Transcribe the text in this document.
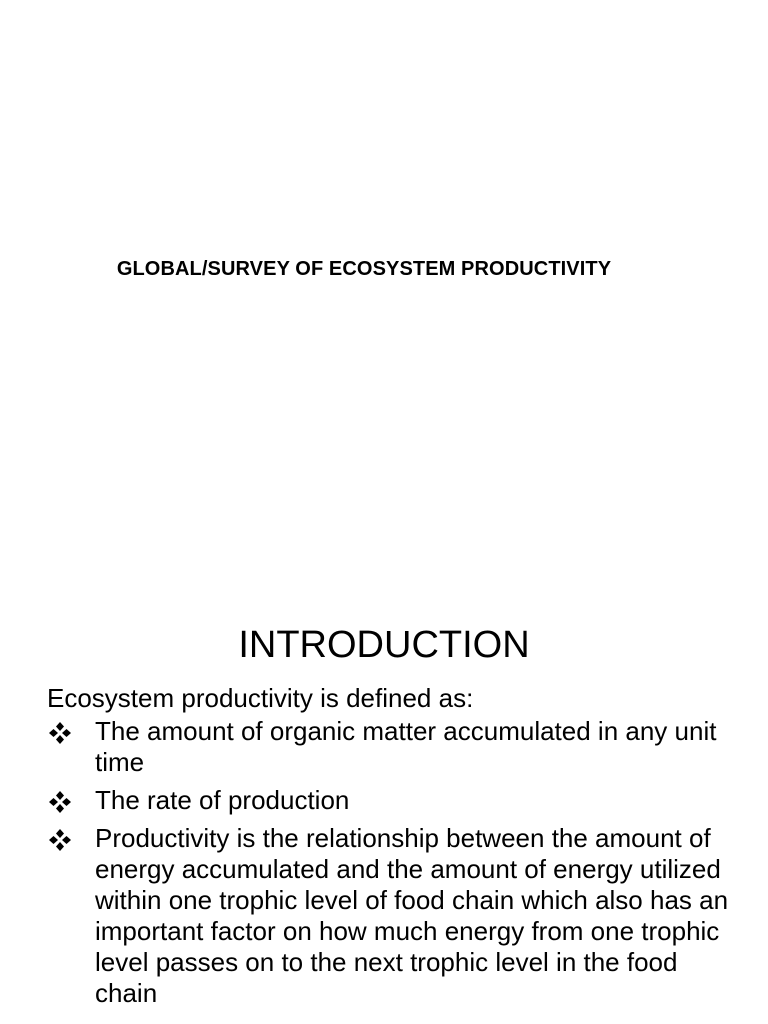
GLOBAL/SURVEY OF ECOSYSTEM PRODUCTIVITY
INTRODUCTION

Ecosystem productivity is defined as:

The amount of organic matter accumulated in any unit time
The rate of production
Productivity is the relationship between the amount of energy accumulated and the amount of energy utilized within one trophic level of food chain which also has an important factor on how much energy from one trophic level passes on to the next trophic level in the food chain
